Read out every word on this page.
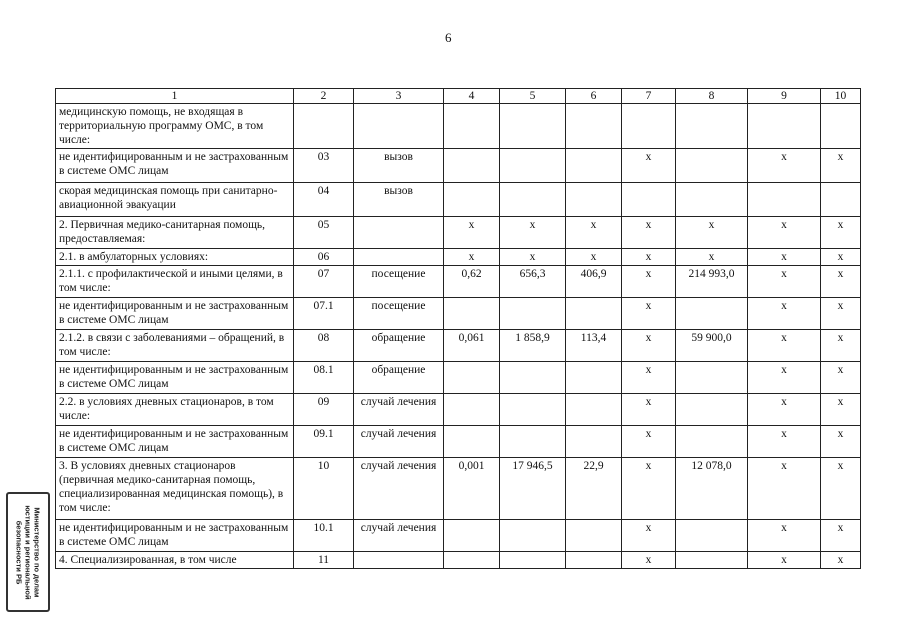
6
1	2	3	4	5	6	7	8	9	10
медицинскую помощь, не входящая в территориальную программу ОМС, в том числе:									
не идентифицированным и не застрахованным в системе ОМС лицам	03	вызов				х		х	х
скорая медицинская помощь при санитарно-авиационной эвакуации	04	вызов							
2. Первичная медико-санитарная помощь, предоставляемая:	05		х	х	х	х	х	х	х
2.1. в амбулаторных условиях:	06		х	х	х	х	х	х	х
2.1.1. с профилактической и иными целями, в том числе:	07	посещение	0,62	656,3	406,9	х	214 993,0	х	х
не идентифицированным и не застрахованным в системе ОМС лицам	07.1	посещение				х		х	х
2.1.2. в связи с заболеваниями – обращений, в том числе:	08	обращение	0,061	1 858,9	113,4	х	59 900,0	х	х
не идентифицированным и не застрахованным в системе ОМС лицам	08.1	обращение				х		х	х
2.2. в условиях дневных стационаров, в том числе:	09	случай лечения				х		х	х
не идентифицированным и не застрахованным в системе ОМС лицам	09.1	случай лечения				х		х	х
3. В условиях дневных стационаров (первичная медико-санитарная помощь, специализированная медицинская помощь), в том числе:	10	случай лечения	0,001	17 946,5	22,9	х	12 078,0	х	х
не идентифицированным и не застрахованным в системе ОМС лицам	10.1	случай лечения				х		х	х
4. Специализированная, в том числе	11					х		х	х
Министерство по делам
юстиции и региональной
безопасности РБ
